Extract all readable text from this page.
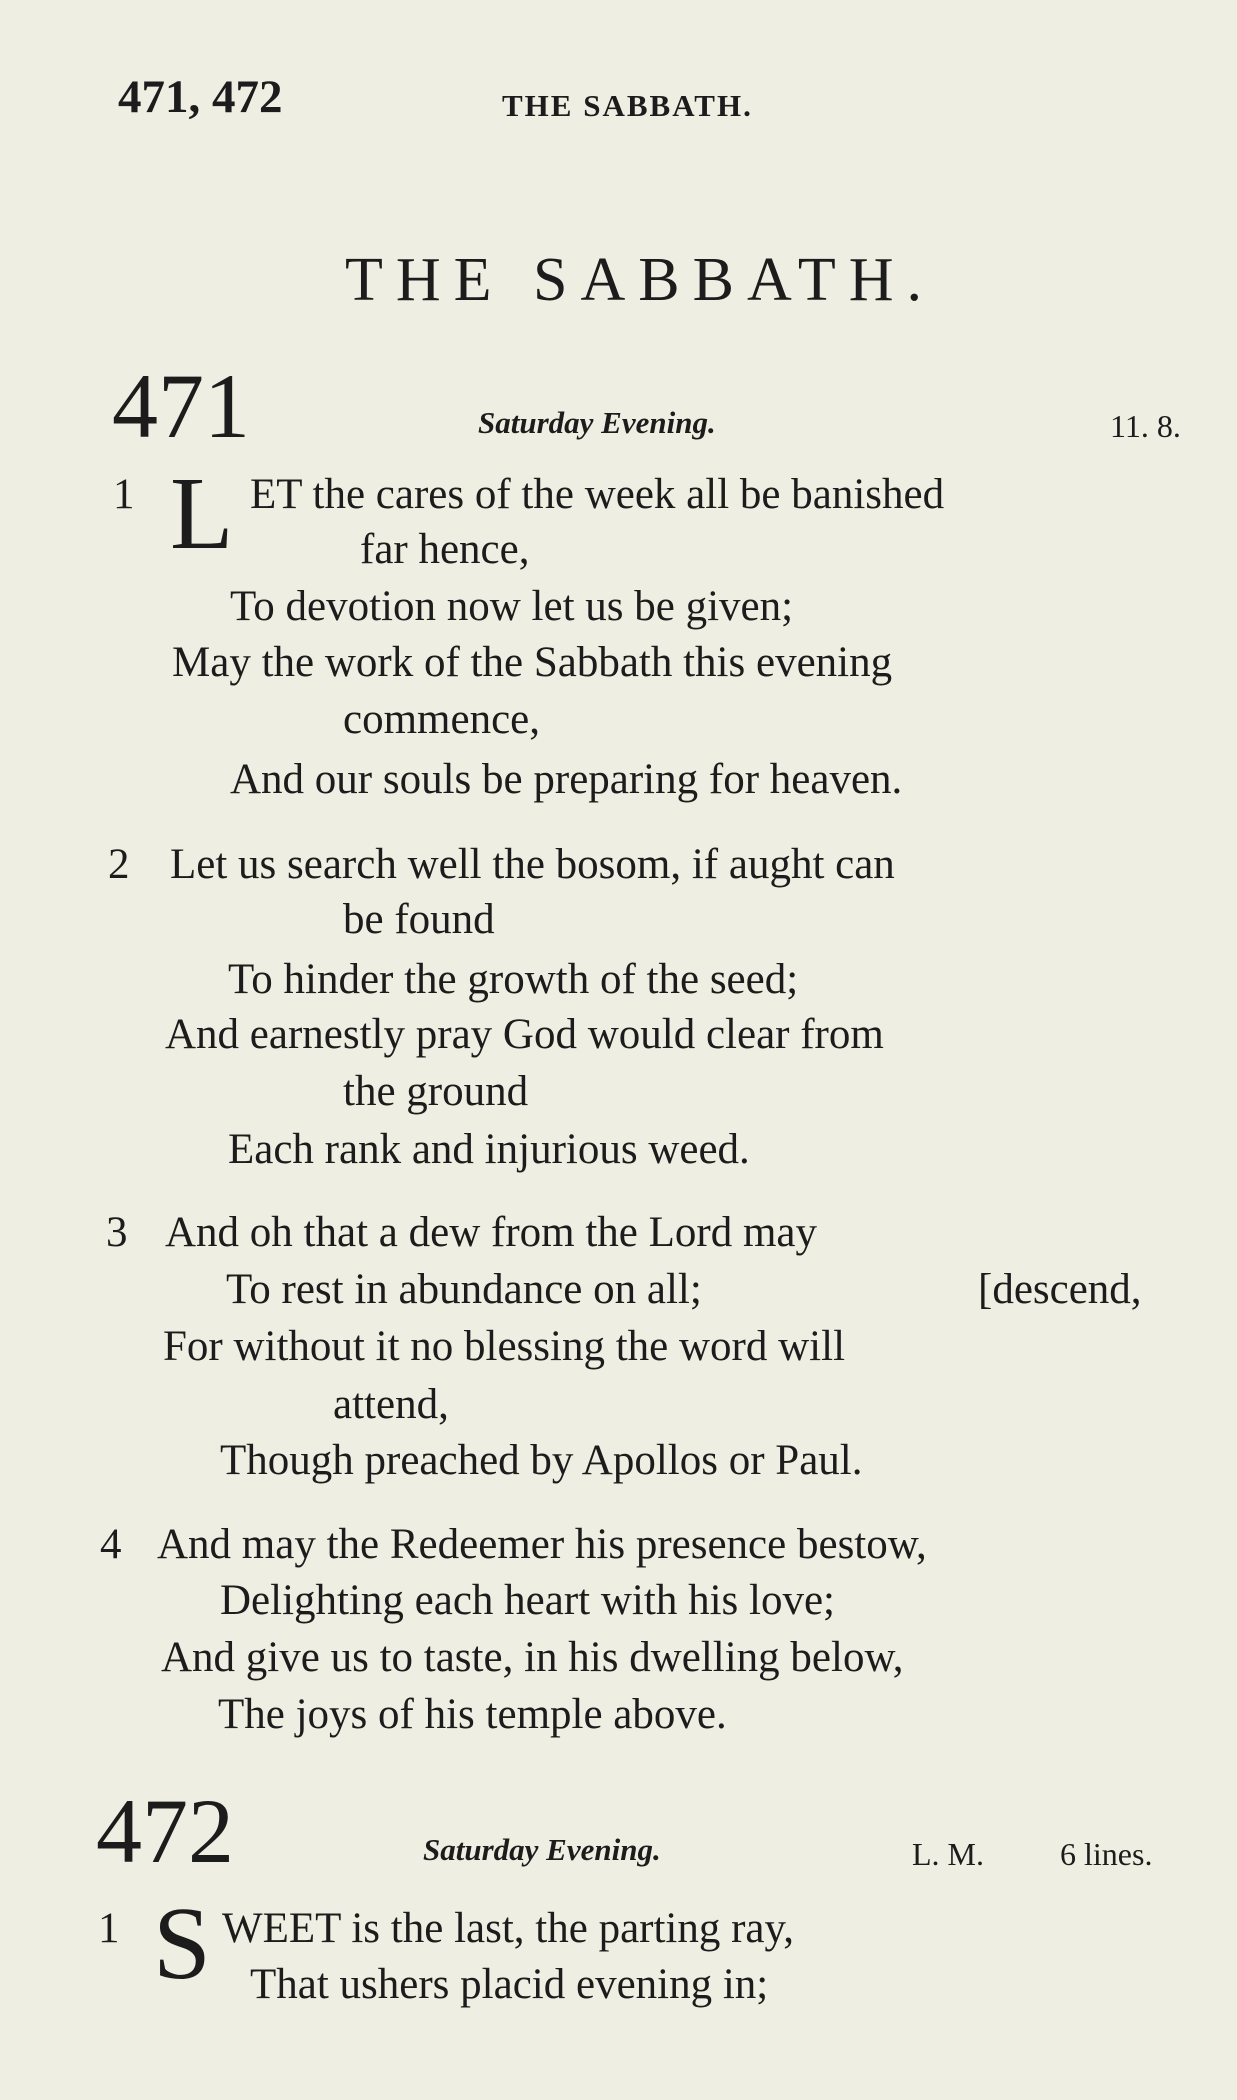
471, 472	THE SABBATH.
THE SABBATH.
471	Saturday Evening.	11. 8.
1 L ET the cares of the week all be banished
far hence,
To devotion now let us be given;
May the work of the Sabbath this evening
commence,
And our souls be preparing for heaven.
2 Let us search well the bosom, if aught can
be found
To hinder the growth of the seed;
And earnestly pray God would clear from
the ground
Each rank and injurious weed.
3 And oh that a dew from the Lord may
To rest in abundance on all;	[descend,
For without it no blessing the word will
attend,
Though preached by Apollos or Paul.
4 And may the Redeemer his presence bestow,
Delighting each heart with his love;
And give us to taste, in his dwelling below,
The joys of his temple above.
472	Saturday Evening.	L. M. 6 lines.
1 S WEET is the last, the parting ray,
That ushers placid evening in;
